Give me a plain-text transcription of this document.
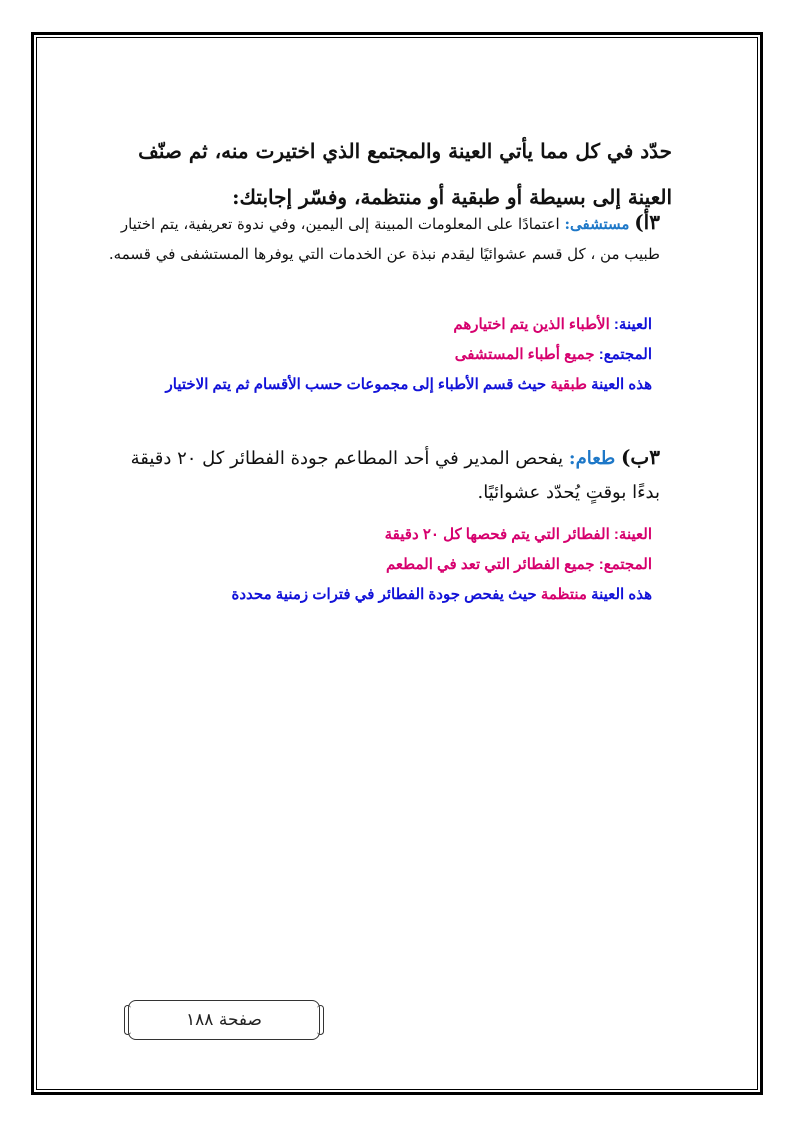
حدّد في كل مما يأتي العينة والمجتمع الذي اختيرت منه، ثم صنّف
العينة إلى بسيطة أو طبقية أو منتظمة، وفسّر إجابتك:
٣أ) مستشفى: اعتمادًا على المعلومات المبينة إلى اليمين، وفي ندوة تعريفية، يتم اختيار طبيب من ، كل قسم عشوائيًا ليقدم نبذة عن الخدمات التي يوفرها المستشفى في قسمه.
العينة: الأطباء الذين يتم اختيارهم
المجتمع: جميع أطباء المستشفى
هذه العينة طبقية حيث قسم الأطباء إلى مجموعات حسب الأقسام ثم يتم الاختيار
٣ب) طعام: يفحص المدير في أحد المطاعم جودة الفطائر كل ٢٠ دقيقة بدءًا بوقتٍ يُحدّد عشوائيًا.
العينة: الفطائر التي يتم فحصها كل ٢٠ دقيقة
المجتمع: جميع الفطائر التي تعد في المطعم
هذه العينة منتظمة حيث يفحص جودة الفطائر في فترات زمنية محددة
صفحة ١٨٨
